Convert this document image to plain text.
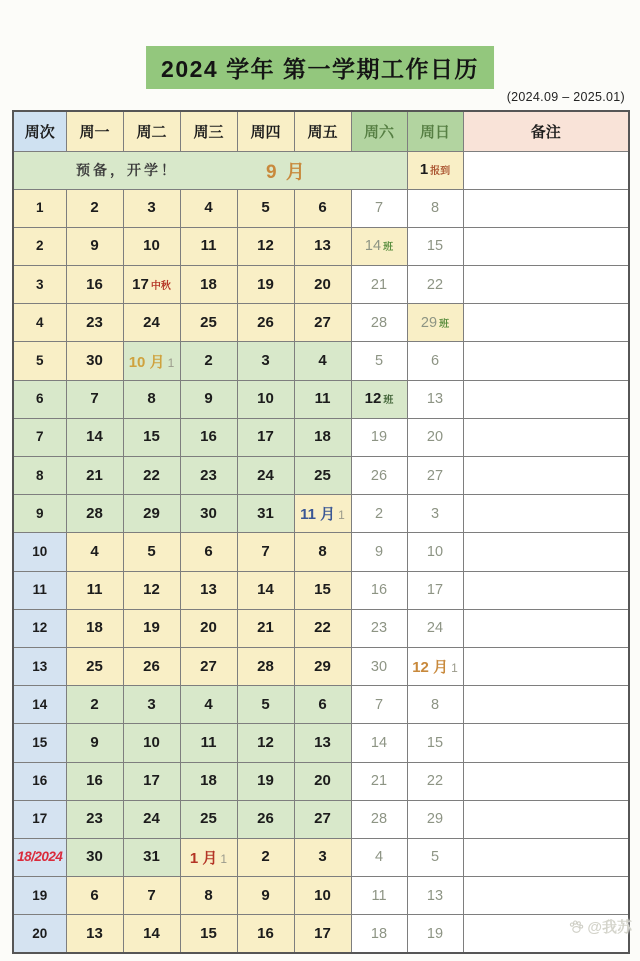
2024 学年 第一学期工作日历
(2024.09 – 2025.01)
周次	周一	周二	周三	周四	周五	周六	周日	备注

预备，开学！ 9 月							1 报到	
1	2	3	4	5	6	7	8	
2	9	10	11	12	13	14 班	15	
3	16	17 中秋	18	19	20	21	22	
4	23	24	25	26	27	28	29 班	
5	30	10 月 1	2	3	4	5	6	
6	7	8	9	10	11	12 班	13	
7	14	15	16	17	18	19	20	
8	21	22	23	24	25	26	27	
9	28	29	30	31	11 月 1	2	3	
10	4	5	6	7	8	9	10	
11	11	12	13	14	15	16	17	
12	18	19	20	21	22	23	24	
13	25	26	27	28	29	30	12 月 1	
14	2	3	4	5	6	7	8	
15	9	10	11	12	13	14	15	
16	16	17	18	19	20	21	22	
17	23	24	25	26	27	28	29	
18/2024	30	31	1 月 1	2	3	4	5	
19	6	7	8	9	10	11	13	
20	13	14	15	16	17	18	19		@我苏
